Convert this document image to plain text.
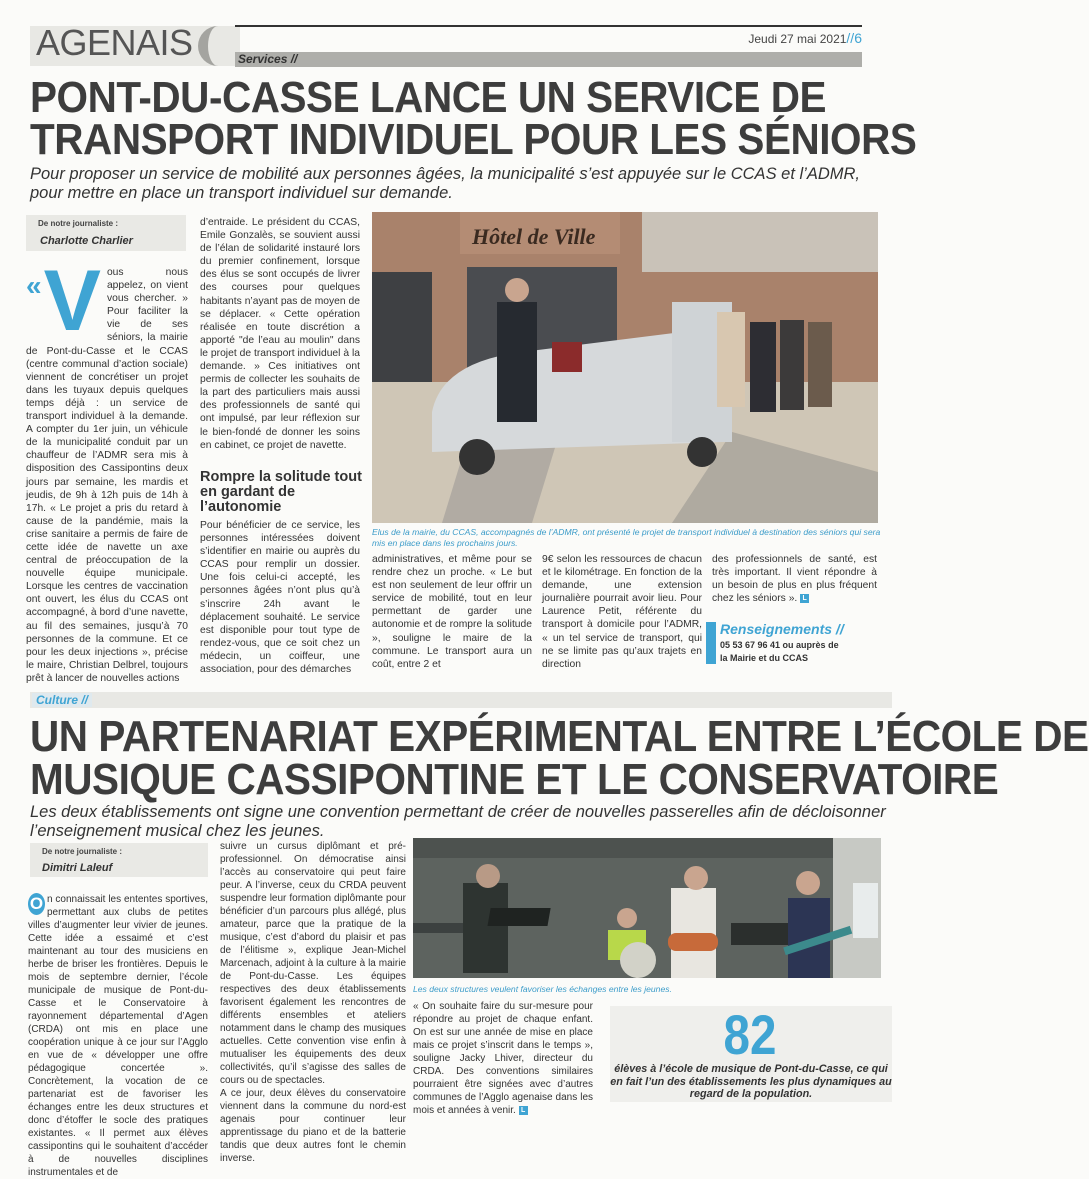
AGENAIS	Jeudi 27 mai 2021//6
Services //
PONT-DU-CASSE LANCE UN SERVICE DE
TRANSPORT INDIVIDUEL POUR LES SÉNIORS
Pour proposer un service de mobilité aux personnes âgées, la municipalité s’est appuyée sur le CCAS et l’ADMR, pour mettre en place un transport individuel sur demande.
De notre journaliste :
Charlotte Charlier
« V ous nous appelez, on vient vous chercher. » Pour faciliter la vie de ses séniors, la mairie de Pont-du-Casse et le CCAS (centre communal d’action sociale) viennent de concrétiser un projet dans les tuyaux depuis quelques temps déjà : un service de transport individuel à la demande. A compter du 1er juin, un véhicule de la municipalité conduit par un chauffeur de l’ADMR sera mis à disposition des Cassipontins deux jours par semaine, les mardis et jeudis, de 9h à 12h puis de 14h à 17h. « Le projet a pris du retard à cause de la pandémie, mais la crise sanitaire a permis de faire de cette idée de navette un axe central de préoccupation de la nouvelle équipe municipale. Lorsque les centres de vaccination ont ouvert, les élus du CCAS ont accompagné, à bord d’une navette, au fil des semaines, jusqu’à 70 personnes de la commune. Et ce pour les deux injections », précise le maire, Christian Delbrel, toujours prêt à lancer de nouvelles actions
d’entraide. Le président du CCAS, Emile Gonzalès, se souvient aussi de l’élan de solidarité instauré lors du premier confinement, lorsque des élus se sont occupés de livrer des courses pour quelques habitants n’ayant pas de moyen de se déplacer. « Cette opération réalisée en toute discrétion a apporté "de l’eau au moulin" dans le projet de transport individuel à la demande. » Ces initiatives ont permis de collecter les souhaits de la part des particuliers mais aussi des professionnels de santé qui ont impulsé, par leur réflexion sur le bien-fondé de donner les soins en cabinet, ce projet de navette.
Rompre la solitude tout en gardant de l’autonomie
Pour bénéficier de ce service, les personnes intéressées doivent s’identifier en mairie ou auprès du CCAS pour remplir un dossier. Une fois celui-ci accepté, les personnes âgées n’ont plus qu’à s’inscrire 24h avant le déplacement souhaité. Le service est disponible pour tout type de rendez-vous, que ce soit chez un médecin, un coiffeur, une association, pour des démarches
Hôtel de Ville
Elus de la mairie, du CCAS, accompagnés de l’ADMR, ont présenté le projet de transport individuel à destination des séniors qui sera mis en place dans les prochains jours.
administratives, et même pour se rendre chez un proche. « Le but est non seulement de leur offrir un service de mobilité, tout en leur permettant de garder une autonomie et de rompre la solitude », souligne le maire de la commune. Le transport aura un coût, entre 2 et
9€ selon les ressources de chacun et le kilométrage. En fonction de la demande, une extension journalière pourrait avoir lieu. Pour Laurence Petit, référente du transport à domicile pour l’ADMR, « un tel service de transport, qui ne se limite pas qu’aux trajets en direction
des professionnels de santé, est très important. Il vient répondre à un besoin de plus en plus fréquent chez les séniors ». L
Renseignements //
05 53 67 96 41 ou auprès de
la Mairie et du CCAS
Culture //
UN PARTENARIAT EXPÉRIMENTAL ENTRE L’ÉCOLE DE
MUSIQUE CASSIPONTINE ET LE CONSERVATOIRE
Les deux établissements ont signe une convention permettant de créer de nouvelles passerelles afin de décloisonner l’enseignement musical chez les jeunes.
De notre journaliste :
Dimitri Laleuf
O n connaissait les ententes sportives, permettant aux clubs de petites villes d’augmenter leur vivier de jeunes. Cette idée a essaimé et c’est maintenant au tour des musiciens en herbe de briser les frontières. Depuis le mois de septembre dernier, l’école municipale de musique de Pont-du-Casse et le Conservatoire à rayonnement départemental d’Agen (CRDA) ont mis en place une coopération unique à ce jour sur l’Agglo en vue de « développer une offre pédagogique concertée ». Concrètement, la vocation de ce partenariat est de favoriser les échanges entre les deux structures et donc d’étoffer le socle des pratiques existantes. « Il permet aux élèves cassipontins qui le souhaitent d’accéder à de nouvelles disciplines instrumentales et de
suivre un cursus diplômant et pré-professionnel. On démocratise ainsi l’accès au conservatoire qui peut faire peur. A l’inverse, ceux du CRDA peuvent suspendre leur formation diplômante pour bénéficier d’un parcours plus allégé, plus amateur, parce que la pratique de la musique, c’est d’abord du plaisir et pas de l’élitisme », explique Jean-Michel Marcenach, adjoint à la culture à la mairie de Pont-du-Casse. Les équipes respectives des deux établissements favorisent également les rencontres de différents ensembles et ateliers notamment dans le champ des musiques actuelles. Cette convention vise enfin à mutualiser les équipements des deux collectivités, qu’il s’agisse des salles de cours ou de spectacles.
A ce jour, deux élèves du conservatoire viennent dans la commune du nord-est agenais pour continuer leur apprentissage du piano et de la batterie tandis que deux autres font le chemin inverse.
Les deux structures veulent favoriser les échanges entre les jeunes.
« On souhaite faire du sur-mesure pour répondre au projet de chaque enfant. On est sur une année de mise en place mais ce projet s’inscrit dans le temps », souligne Jacky Lhiver, directeur du CRDA. Des conventions similaires pourraient être signées avec d’autres communes de l’Agglo agenaise dans les mois et années à venir. L
82
élèves à l’école de musique de Pont-du-Casse, ce qui en fait l’un des établissements les plus dynamiques au regard de la population.
